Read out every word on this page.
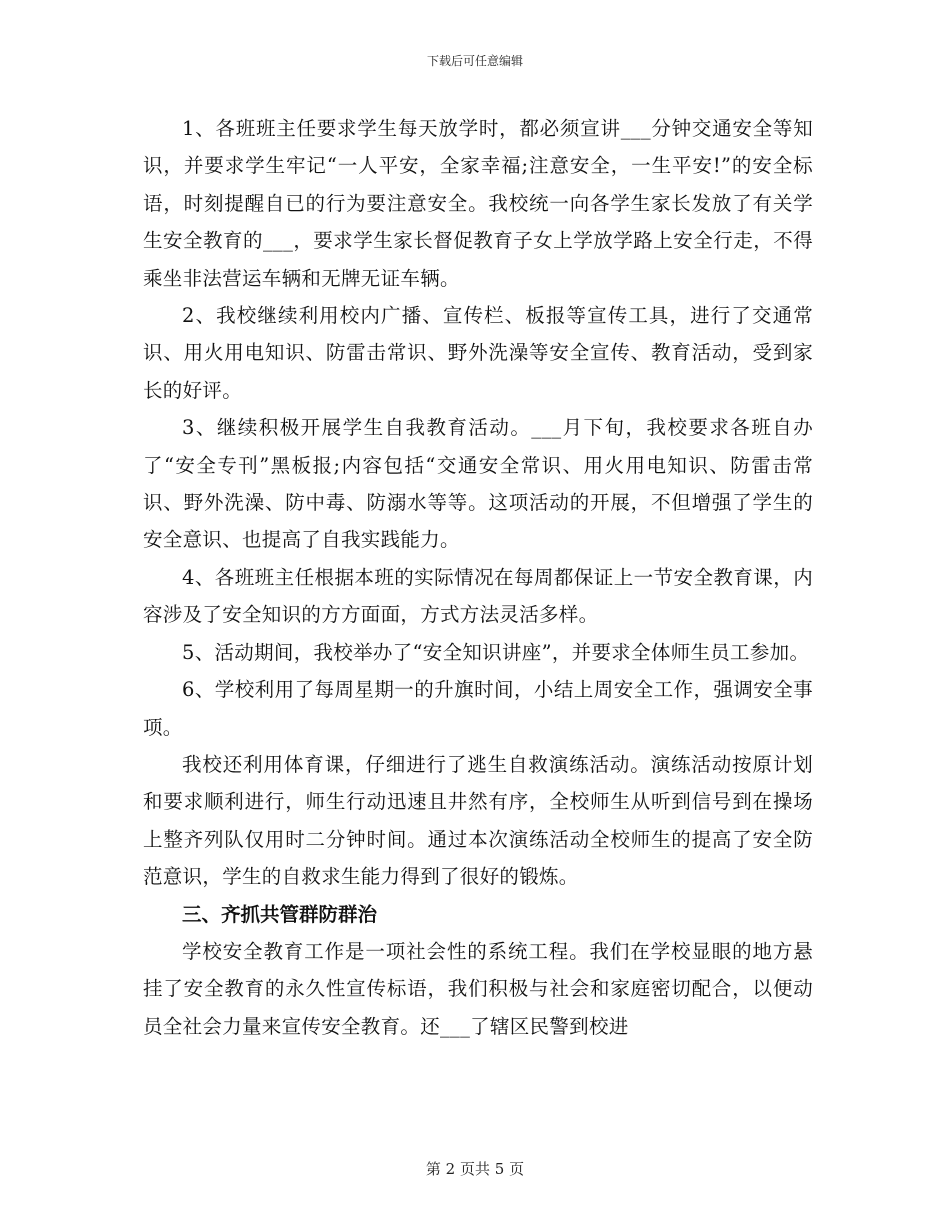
下载后可任意编辑

1、各班班主任要求学生每天放学时，都必须宣讲___分钟交通安全等知识，并要求学生牢记“一人平安，全家幸福;注意安全，一生平安!”的安全标语，时刻提醒自已的行为要注意安全。我校统一向各学生家长发放了有关学生安全教育的___，要求学生家长督促教育子女上学放学路上安全行走，不得乘坐非法营运车辆和无牌无证车辆。

2、我校继续利用校内广播、宣传栏、板报等宣传工具，进行了交通常识、用火用电知识、防雷击常识、野外洗澡等安全宣传、教育活动，受到家长的好评。

3、继续积极开展学生自我教育活动。___月下旬，我校要求各班自办了“安全专刊”黑板报;内容包括“交通安全常识、用火用电知识、防雷击常识、野外洗澡、防中毒、防溺水等等。这项活动的开展，不但增强了学生的安全意识、也提高了自我实践能力。

4、各班班主任根据本班的实际情况在每周都保证上一节安全教育课，内容涉及了安全知识的方方面面，方式方法灵活多样。

5、活动期间，我校举办了“安全知识讲座”，并要求全体师生员工参加。

6、学校利用了每周星期一的升旗时间，小结上周安全工作，强调安全事项。

我校还利用体育课，仔细进行了逃生自救演练活动。演练活动按原计划和要求顺利进行，师生行动迅速且井然有序，全校师生从听到信号到在操场上整齐列队仅用时二分钟时间。通过本次演练活动全校师生的提高了安全防范意识，学生的自救求生能力得到了很好的锻炼。

三、齐抓共管群防群治

学校安全教育工作是一项社会性的系统工程。我们在学校显眼的地方悬挂了安全教育的永久性宣传标语，我们积极与社会和家庭密切配合，以便动员全社会力量来宣传安全教育。还___了辖区民警到校进

第 2 页共 5 页
